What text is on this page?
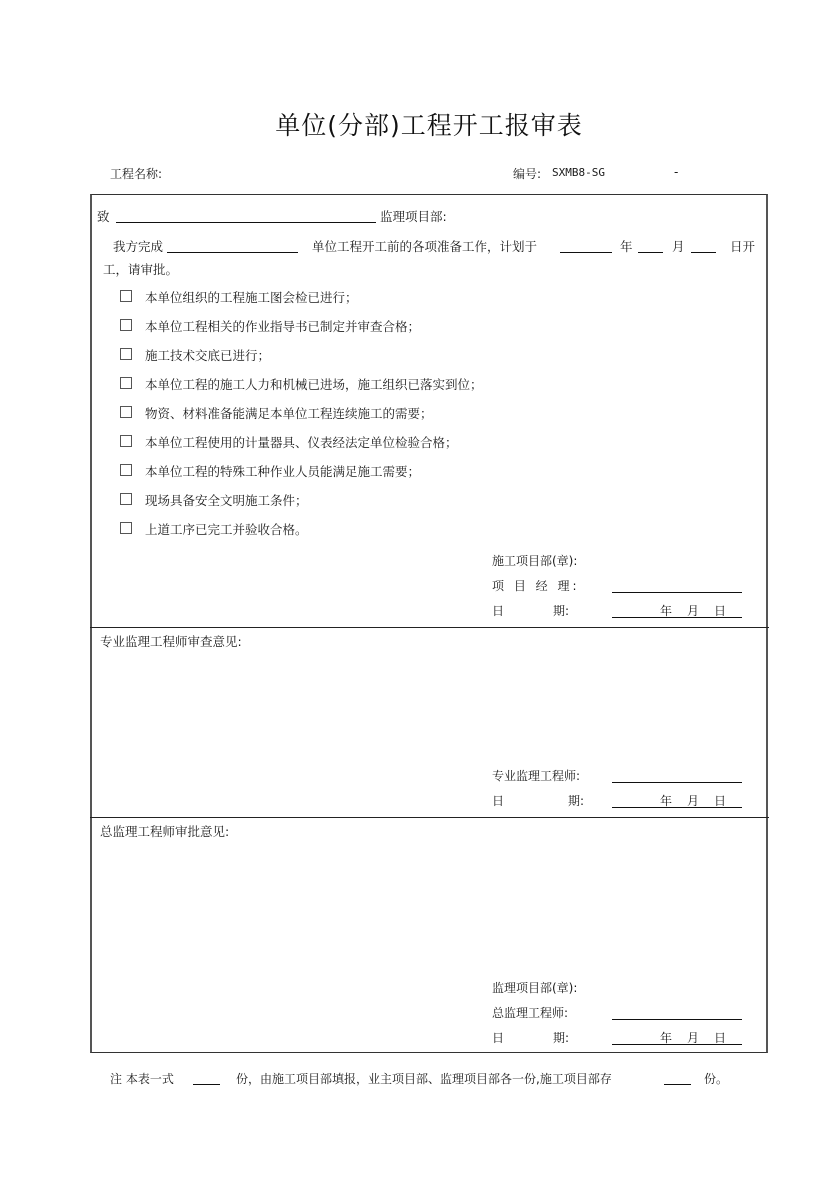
单位(分部)工程开工报审表
工程名称:	编号: SXMB8-SG	-
致	监理项目部:
我方完成	单位工程开工前的各项准备工作，计划于	年	月	日开
工，请审批。
本单位组织的工程施工图会检已进行；
本单位工程相关的作业指导书已制定并审查合格；
施工技术交底已进行；
本单位工程的施工人力和机械已进场，施工组织已落实到位；
物资、材料准备能满足本单位工程连续施工的需要；
本单位工程使用的计量器具、仪表经法定单位检验合格；
本单位工程的特殊工种作业人员能满足施工需要；
现场具备安全文明施工条件；
上道工序已完工并验收合格。
施工项目部(章):
项 目 经 理:
日	期:	年 月 日
专业监理工程师审查意见:
专业监理工程师:
日	期:	年 月 日
总监理工程师审批意见:
监理项目部(章):
总监理工程师:
日	期:	年 月 日
注 本表一式	份，由施工项目部填报，业主项目部、监理项目部各一份,施工项目部存	份。
